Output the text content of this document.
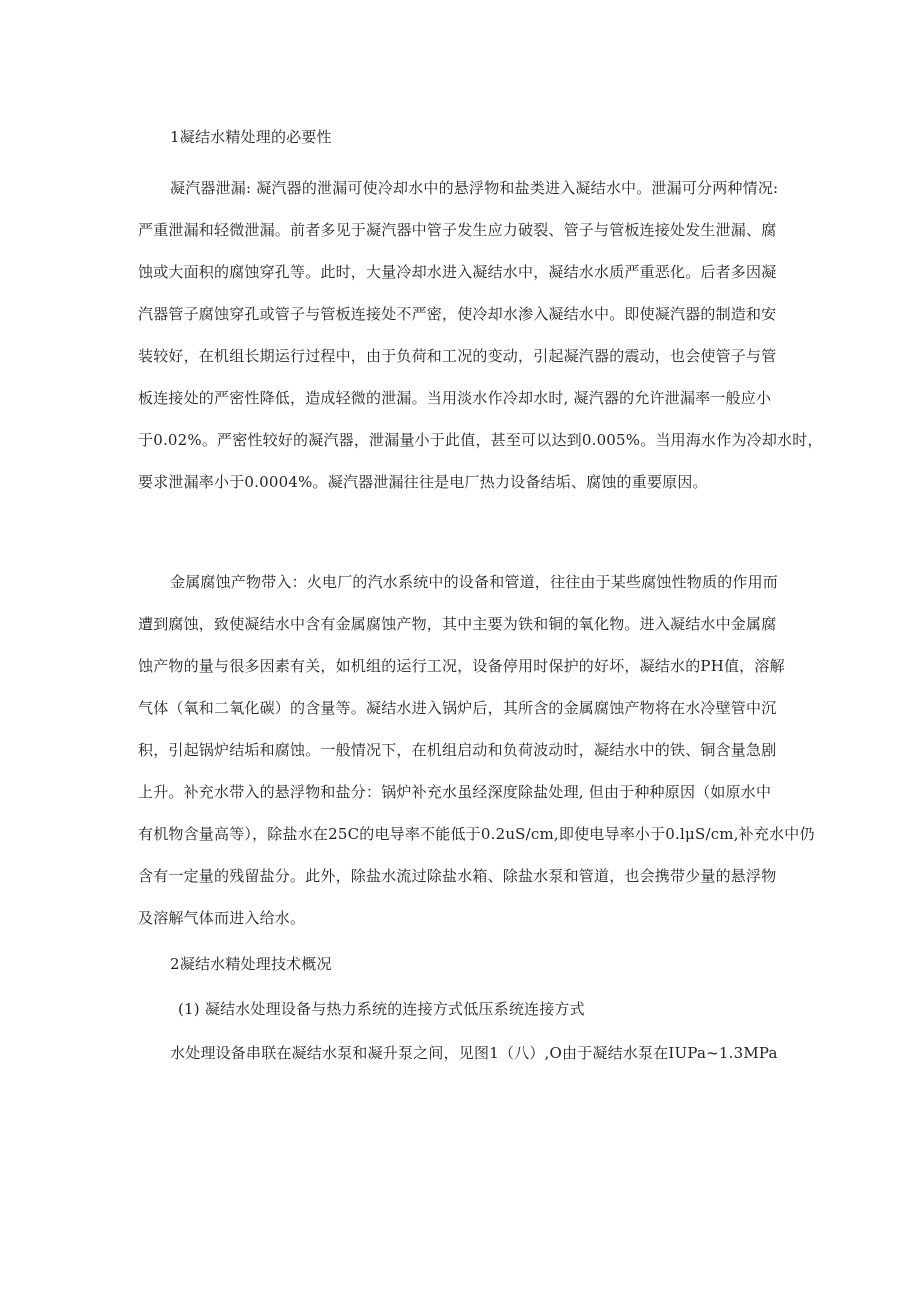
1凝结水精处理的必要性
凝汽器泄漏: 凝汽器的泄漏可使冷却水中的悬浮物和盐类进入凝结水中。泄漏可分两种情况:
严重泄漏和轻微泄漏。前者多见于凝汽器中管子发生应力破裂、管子与管板连接处发生泄漏、腐
蚀或大面积的腐蚀穿孔等。此时，大量冷却水进入凝结水中，凝结水水质严重恶化。后者多因凝
汽器管子腐蚀穿孔或管子与管板连接处不严密，使冷却水渗入凝结水中。即使凝汽器的制造和安
装较好，在机组长期运行过程中，由于负荷和工况的变动，引起凝汽器的震动，也会使管子与管
板连接处的严密性降低，造成轻微的泄漏。当用淡水作冷却水时, 凝汽器的允许泄漏率一般应小
于0.02%。严密性较好的凝汽器，泄漏量小于此值，甚至可以达到0.005%。当用海水作为冷却水时，
要求泄漏率小于0.0004%。凝汽器泄漏往往是电厂热力设备结垢、腐蚀的重要原因。
金属腐蚀产物带入：火电厂的汽水系统中的设备和管道，往往由于某些腐蚀性物质的作用而
遭到腐蚀，致使凝结水中含有金属腐蚀产物，其中主要为铁和铜的氧化物。进入凝结水中金属腐
蚀产物的量与很多因素有关，如机组的运行工况，设备停用时保护的好坏，凝结水的PH值，溶解
气体（氧和二氧化碳）的含量等。凝结水进入锅炉后，其所含的金属腐蚀产物将在水冷壁管中沉
积，引起锅炉结垢和腐蚀。一般情况下，在机组启动和负荷波动时，凝结水中的铁、铜含量急剧
上升。补充水带入的悬浮物和盐分：锅炉补充水虽经深度除盐处理, 但由于种种原因（如原水中
有机物含量高等），除盐水在25C的电导率不能低于0.2uS/cm,即使电导率小于0.lμS/cm,补充水中仍
含有一定量的残留盐分。此外，除盐水流过除盐水箱、除盐水泵和管道，也会携带少量的悬浮物
及溶解气体而进入给水。
2凝结水精处理技术概况
(1) 凝结水处理设备与热力系统的连接方式低压系统连接方式
水处理设备串联在凝结水泵和凝升泵之间，见图1（八）,O由于凝结水泵在IUPa~1.3MPa
